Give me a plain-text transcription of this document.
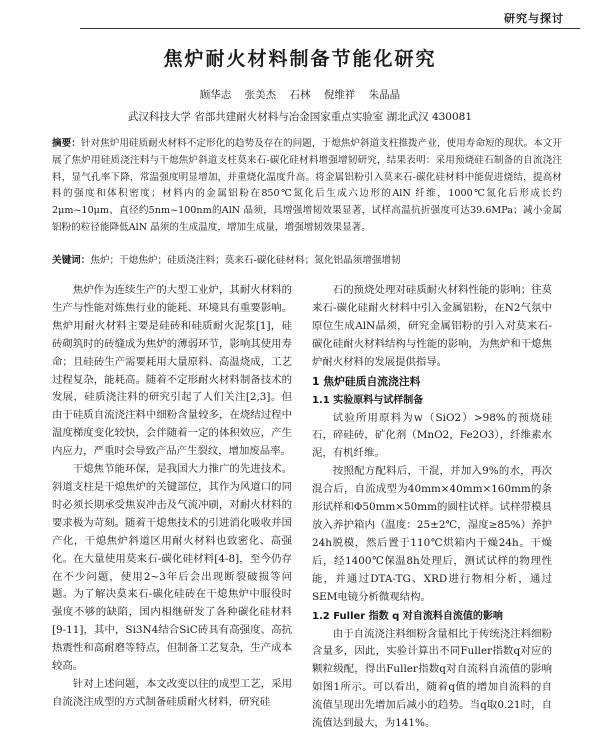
研究与探讨
焦炉耐火材料制备节能化研究
顾华志 张美杰 石林 倪维祥 朱晶晶
武汉科技大学 省部共建耐火材料与冶金国家重点实验室 湖北武汉 430081
摘要：针对焦炉用硅质耐火材料不定形化的趋势及存在的问题，于熄焦炉斜道支柱推拨产业，使用寿命短的现状。本文开展了焦炉用硅质浇注料与干熄焦炉斜道支柱莫来石-碳化硅材料增强增韧研究，结果表明：采用预烧硅石制备的自流浇注料，显气孔率下降，常温强度明显增加，并重烧化温度升高。将金属铝粉引入莫来石-碳化硅材料中能促进烧结，提高材料的强度和体积密度；材料内的金属铝粉在850℃氮化后生成六边形的AlN 纤维，1000℃氮化后形成长约2μm~10μm、直径约5nm~100nm的AlN 晶须，具增强增韧效果显著，试样高温抗折强度可达39.6MPa；减小金属铝粉的粒径能降低AlN 晶须的生成温度，增加生成量，增强增韧效果显著。
关键词：焦炉；干熄焦炉；硅质浇注料；莫来石-碳化硅材料；氮化铝晶须增强增韧

焦炉作为连续生产的大型工业炉，其耐火材料的生产与性能对炼焦行业的能耗、环境具有重要影响。焦炉用耐火材料主要是硅砖和硅质耐火泥浆[1]，硅砖砌筑时的砖缝成为焦炉的薄弱环节，影响其使用寿命；且硅砖生产需要耗用大量原料、高温烧成，工艺过程复杂，能耗高。随着不定形耐火材料制备技术的发展，硅质浇注料的研究引起了人们关注[2,3]。但由于硅质自流浇注料中细粉含量较多，在烧结过程中温度梯度变化较快，会伴随着一定的体积效应，产生内应力，严重时会导致产品产生裂纹，增加废品率。

干熄焦节能环保，是我国大力推广的先进技术。斜道支柱是干熄焦炉的关键部位，其作为风道口的同时必须长期承受焦炭冲击及气流冲刷，对耐火材料的要求极为苛刻。随着干熄焦技术的引进消化吸收并国产化，干熄焦炉斜道区用耐火材料也致密化、高强化。在大量使用莫来石-碳化硅材料[4-8]，至今仍存在不少问题，使用2~3年后会出现断裂破损等问题。为了解决莫来石-碳化硅砖在干熄焦炉中服役时强度不够的缺陷，国内相继研发了各种碳化硅材料[9-11]，其中，Si3N4结合SiC砖具有高强度、高抗热震性和高耐磨等特点，但制备工艺复杂，生产成本较高。

针对上述问题，本文改变以往的成型工艺，采用自流浇注成型的方式制备硅质耐火材料，研究硅

石的预烧处理对硅质耐火材料性能的影响；往莫来石-碳化硅耐火材料中引入金属铝粉，在N2气氛中原位生成AlN晶须，研究金属铝粉的引入对莫来石-碳化硅耐火材料结构与性能的影响，为焦炉和干熄焦炉耐火材料的发展提供指导。

1 焦炉硅质自流浇注料
1.1 实验原料与试样制备

试验所用原料为w（SiO2）>98%的预烧硅石，碎硅砖，矿化剂（MnO2，Fe2O3），纤维素水泥，有机纤维。

按照配方配料后，干混，并加入9%的水，再次混合后，自流成型为40mm×40mm×160mm的条形试样和Φ50mm×50mm的圆柱试样。试样带模具放入养护箱内（温度：25±2℃，湿度≥85%）养护24h脱模，然后置于110℃烘箱内干燥24h。干燥后，经1400℃保温8h处理后，测试试样的物理性能，并通过DTA-TG、XRD进行物相分析，通过SEM电镜分析微观结构。

1.2 Fuller 指数 q 对自流料自流值的影响

由于自流浇注料细粉含量相比于传统浇注料细粉含量多，因此，实验计算出不同Fuller指数q对应的颗粒级配，得出Fuller指数q对自流料自流值的影响如图1所示。可以看出，随着q值的增加自流料的自流值呈现出先增加后减小的趋势。当q取0.21时，自流值达到最大，为141%。
